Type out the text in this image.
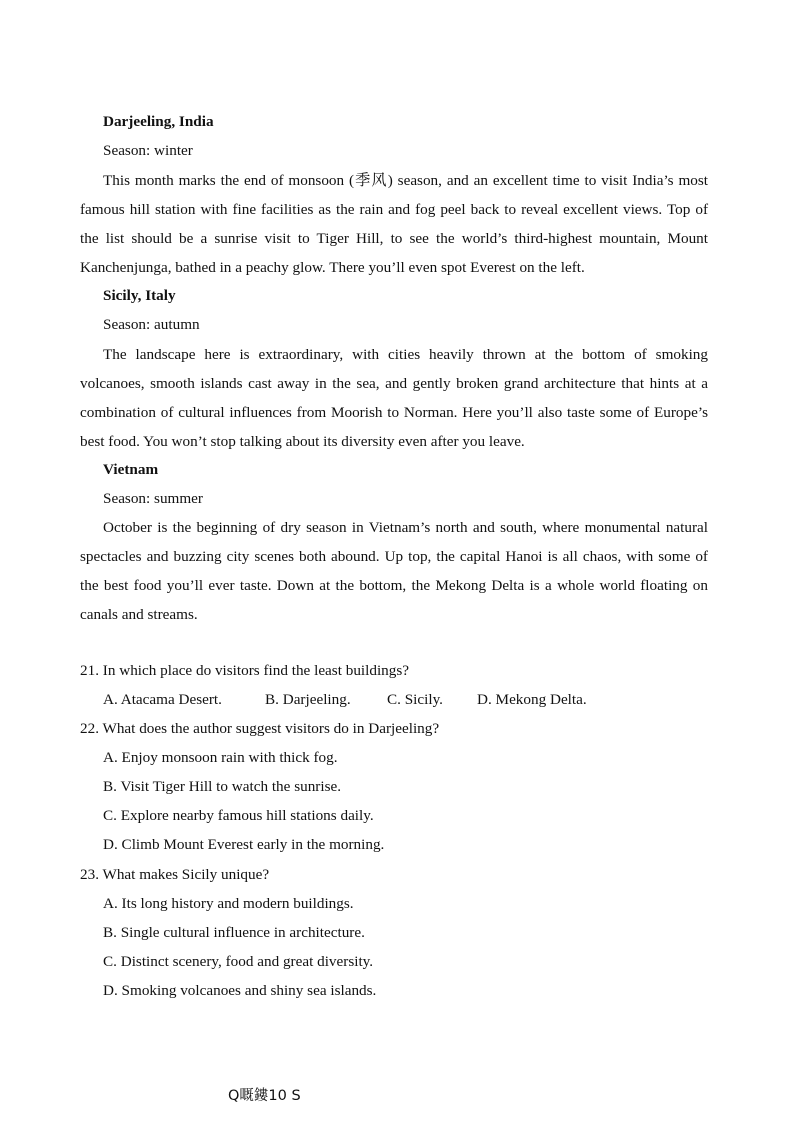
Darjeeling, India
Season: winter
This month marks the end of monsoon (季风) season, and an excellent time to visit India’s most famous hill station with fine facilities as the rain and fog peel back to reveal excellent views. Top of the list should be a sunrise visit to Tiger Hill, to see the world’s third-highest mountain, Mount Kanchenjunga, bathed in a peachy glow. There you’ll even spot Everest on the left.
Sicily, Italy
Season: autumn
The landscape here is extraordinary, with cities heavily thrown at the bottom of smoking volcanoes, smooth islands cast away in the sea, and gently broken grand architecture that hints at a combination of cultural influences from Moorish to Norman. Here you’ll also taste some of Europe’s best food. You won’t stop talking about its diversity even after you leave.
Vietnam
Season: summer
October is the beginning of dry season in Vietnam’s north and south, where monumental natural spectacles and buzzing city scenes both abound. Up top, the capital Hanoi is all chaos, with some of the best food you’ll ever taste. Down at the bottom, the Mekong Delta is a whole world floating on canals and streams.
21. In which place do visitors find the least buildings?
A. Atacama Desert.	B. Darjeeling. C. Sicily. D. Mekong Delta.
22. What does the author suggest visitors do in Darjeeling?
A. Enjoy monsoon rain with thick fog.
B. Visit Tiger Hill to watch the sunrise.
C. Explore nearby famous hill stations daily.
D. Climb Mount Everest early in the morning.
23. What makes Sicily unique?
A. Its long history and modern buildings.
B. Single cultural influence in architecture.
C. Distinct scenery, food and great diversity.
D. Smoking volcanoes and shiny sea islands.
Q嘅鏤10 S
